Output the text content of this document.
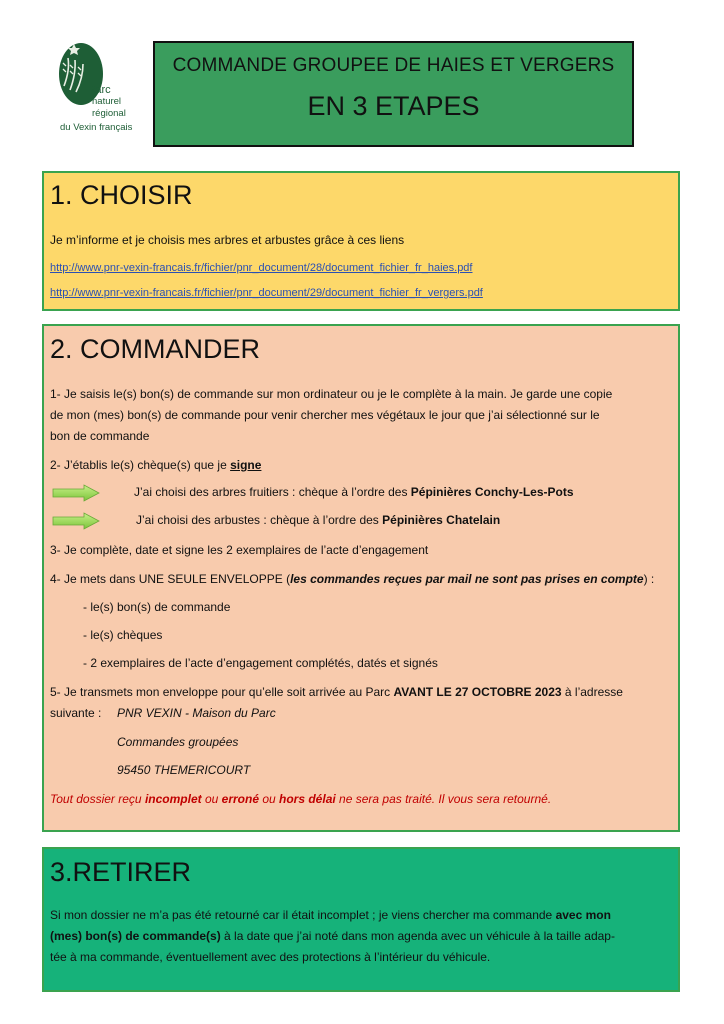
Parc
naturel
régional
du Vexin français
COMMANDE GROUPEE DE HAIES ET VERGERS
EN 3 ETAPES
1. CHOISIR
Je m’informe et je choisis mes arbres et arbustes grâce à ces liens
http://www.pnr-vexin-francais.fr/fichier/pnr_document/28/document_fichier_fr_haies.pdf
http://www.pnr-vexin-francais.fr/fichier/pnr_document/29/document_fichier_fr_vergers.pdf
2. COMMANDER
1- Je saisis le(s) bon(s) de commande sur mon ordinateur ou je le complète à la main. Je garde une copie
de mon (mes) bon(s) de commande pour venir chercher mes végétaux le jour que j’ai sélectionné sur le
bon de commande
2- J’établis le(s) chèque(s) que je signe
J’ai choisi des arbres fruitiers : chèque à l’ordre des Pépinières Conchy-Les-Pots
J’ai choisi des arbustes : chèque à l’ordre des Pépinières Chatelain
3- Je complète, date et signe les 2 exemplaires de l’acte d’engagement
4- Je mets dans UNE SEULE ENVELOPPE (les commandes reçues par mail ne sont pas prises en compte) :
- le(s) bon(s) de commande
- le(s) chèques
- 2 exemplaires de l’acte d’engagement complétés, datés et signés
5- Je transmets mon enveloppe pour qu’elle soit arrivée au Parc AVANT LE 27 OCTOBRE 2023 à l’adresse
suivante :	PNR VEXIN - Maison du Parc
Commandes groupées
95450 THEMERICOURT
Tout dossier reçu incomplet ou erroné ou hors délai ne sera pas traité. Il vous sera retourné.
3.RETIRER
Si mon dossier ne m’a pas été retourné car il était incomplet ; je viens chercher ma commande avec mon
(mes) bon(s) de commande(s) à la date que j’ai noté dans mon agenda avec un véhicule à la taille adap-
tée à ma commande, éventuellement avec des protections à l’intérieur du véhicule.
